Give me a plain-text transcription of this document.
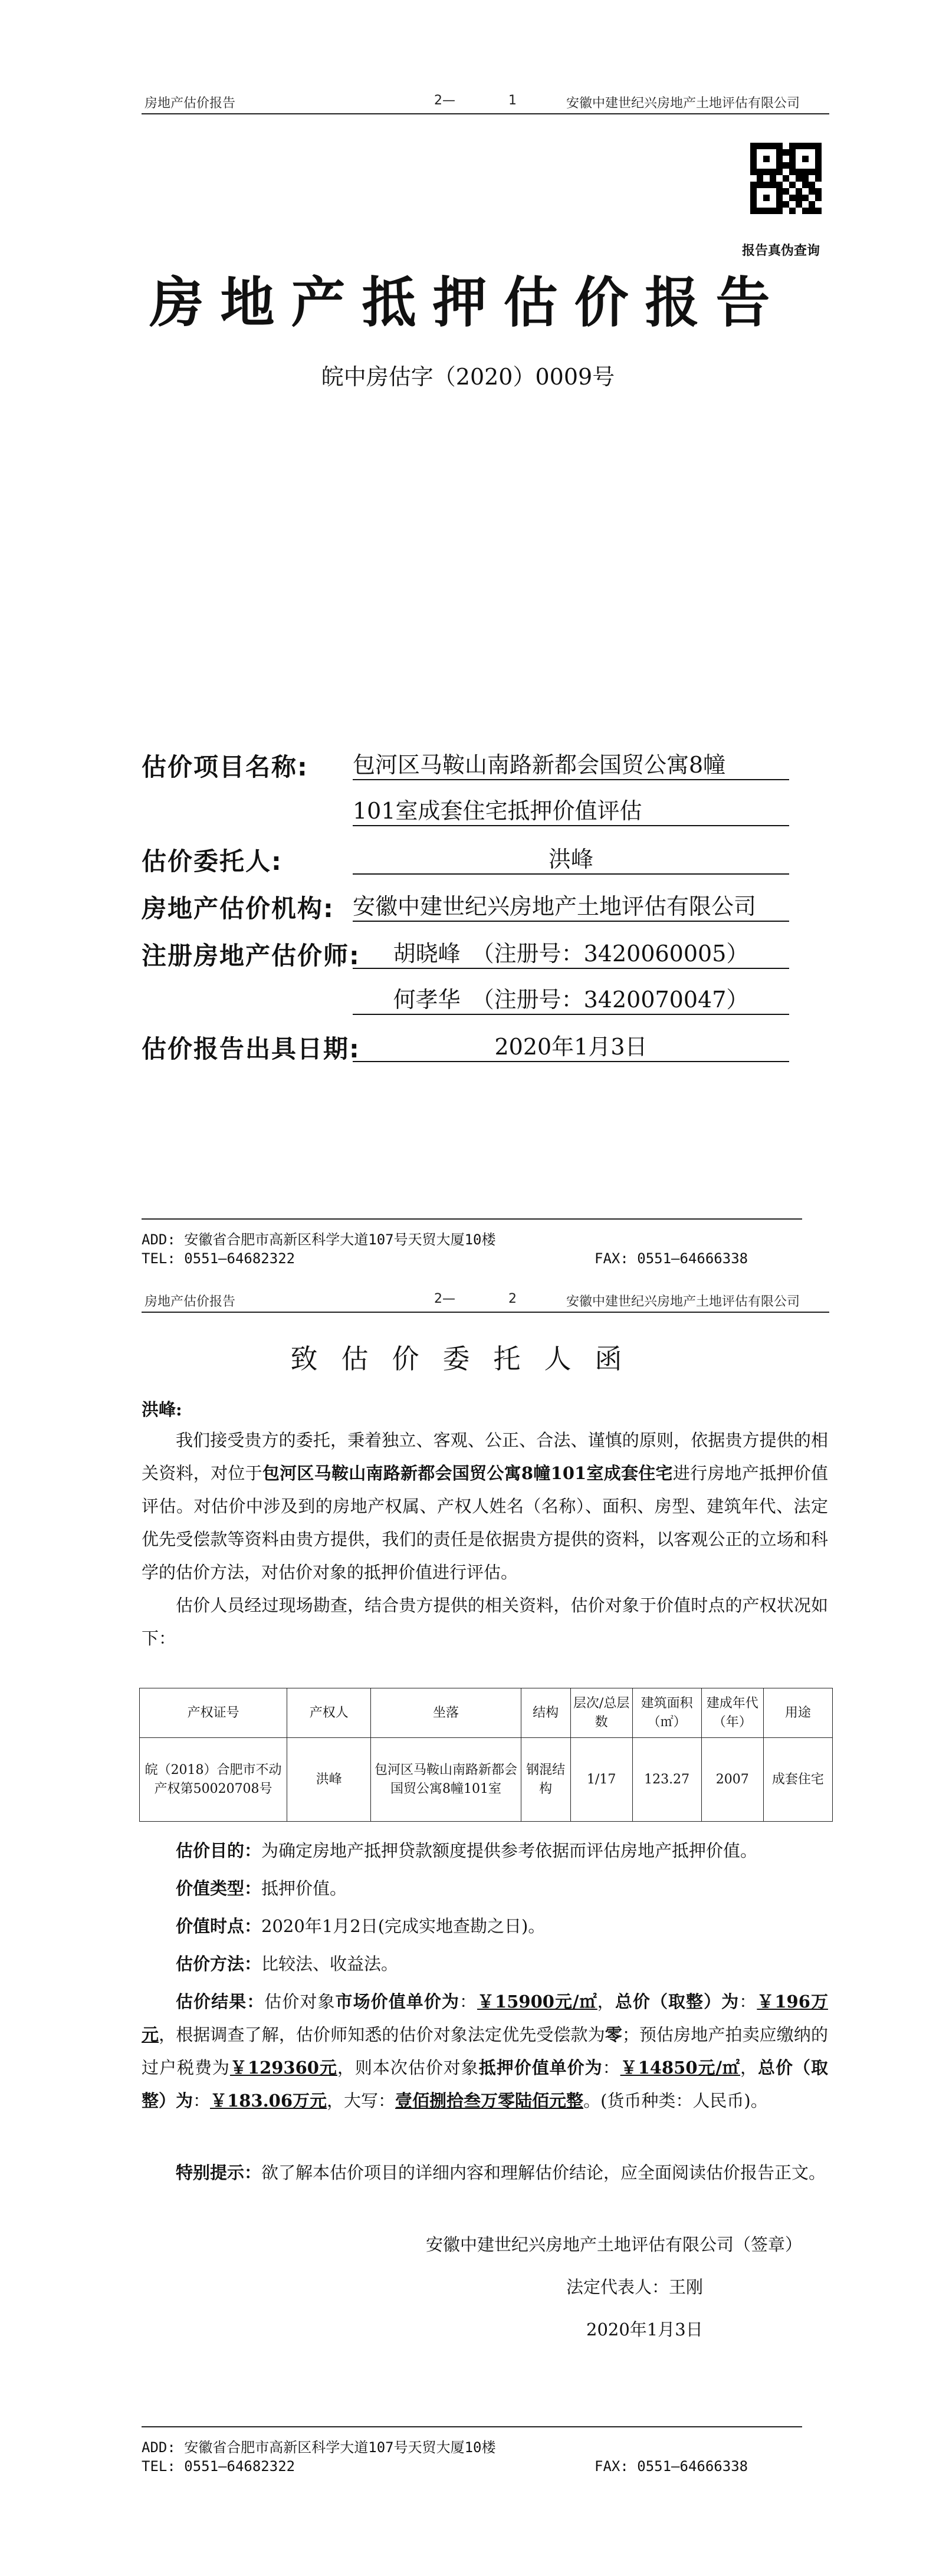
房地产估价报告	2—	1	安徽中建世纪兴房地产土地评估有限公司
报告真伪查询
房地产抵押估价报告
皖中房估字（2020）0009号
估价项目名称: 包河区马鞍山南路新都会国贸公寓8幢
101室成套住宅抵押价值评估
估价委托人:	洪峰
房地产估价机构: 安徽中建世纪兴房地产土地评估有限公司
注册房地产估价师:	胡晓峰　（注册号：3420060005）
何孝华　（注册号：3420070047）
估价报告出具日期:	2020年1月3日
ADD: 安徽省合肥市高新区科学大道107号天贸大厦10楼
TEL: 0551—64682322	FAX: 0551—64666338
房地产估价报告	2—	2	安徽中建世纪兴房地产土地评估有限公司
致估价委托人函
洪峰:
我们接受贵方的委托，秉着独立、客观、公正、合法、谨慎的原则，依据贵方提供的相关资料，对位于包河区马鞍山南路新都会国贸公寓8幢101室成套住宅进行房地产抵押价值评估。对估价中涉及到的房地产权属、产权人姓名（名称）、面积、房型、建筑年代、法定优先受偿款等资料由贵方提供，我们的责任是依据贵方提供的资料，以客观公正的立场和科学的估价方法，对估价对象的抵押价值进行评估。
估价人员经过现场勘查，结合贵方提供的相关资料，估价对象于价值时点的产权状况如下：
产权证号	产权人	坐落	结构	层次/总层数	建筑面积（㎡）	建成年代（年）	用途
皖（2018）合肥市不动产权第50020708号	洪峰	包河区马鞍山南路新都会国贸公寓8幢101室	钢混结构	1/17	123.27	2007	成套住宅
估价目的：为确定房地产抵押贷款额度提供参考依据而评估房地产抵押价值。
价值类型：抵押价值。
价值时点：2020年1月2日(完成实地查勘之日)。
估价方法：比较法、收益法。
估价结果：估价对象市场价值单价为：￥15900元/㎡，总价（取整）为：￥196万元，根据调查了解，估价师知悉的估价对象法定优先受偿款为零；预估房地产拍卖应缴纳的过户税费为￥129360元，则本次估价对象抵押价值单价为：￥14850元/㎡，总价（取整）为：￥183.06万元，大写：壹佰捌拾叁万零陆佰元整。(货币种类：人民币)。
特别提示：欲了解本估价项目的详细内容和理解估价结论，应全面阅读估价报告正文。
安徽中建世纪兴房地产土地评估有限公司（签章）
法定代表人：王刚
2020年1月3日
ADD: 安徽省合肥市高新区科学大道107号天贸大厦10楼
TEL: 0551—64682322	FAX: 0551—64666338
